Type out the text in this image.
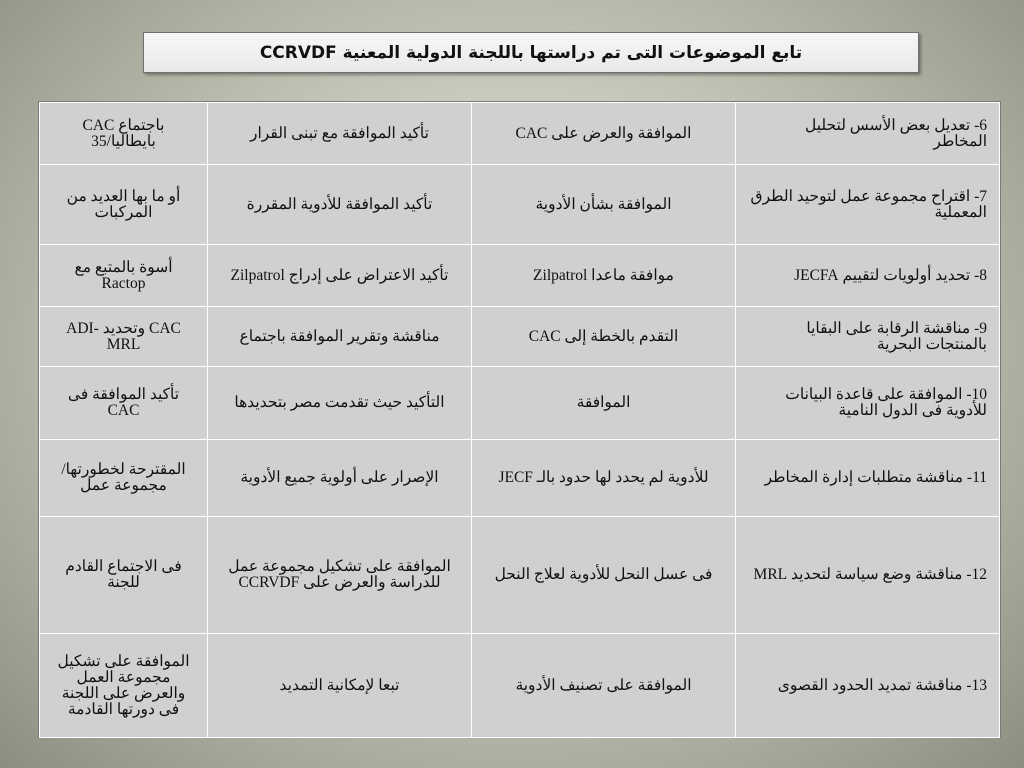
تابع الموضوعات التى تم دراستها باللجنة الدولية المعنية CCRVDF
6- تعديل بعض الأسس لتحليل المخاطر	الموافقة والعرض على CAC	تأكيد الموافقة مع تبنى القرار	باجتماع CAC بايطاليا/35
7- اقتراح مجموعة عمل لتوحيد الطرق المعملية	الموافقة بشأن الأدوية	تأكيد الموافقة للأدوية المقررة	أو ما بها العديد من المركبات
8- تحديد أولويات لتقييم JECFA	موافقة ماعدا Zilpatrol	تأكيد الاعتراض على إدراج Zilpatrol	أسوة بالمتبع مع Ractop
9- مناقشة الرقابة على البقايا بالمنتجات البحرية	التقدم بالخطة إلى CAC	مناقشة وتقرير الموافقة باجتماع	CAC وتحديد ADI-MRL
10- الموافقة على قاعدة البيانات للأدوية فى الدول النامية	الموافقة	التأكيد حيث تقدمت مصر بتحديدها	تأكيد الموافقة فى CAC
11- مناقشة متطلبات إدارة المخاطر	للأدوية لم يحدد لها حدود بالـ JECF	الإصرار على أولوية جميع الأدوية	المقترحة لخطورتها/ مجموعة عمل
12- مناقشة وضع سياسة لتحديد MRL	فى عسل النحل للأدوية لعلاج النحل	الموافقة على تشكيل مجموعة عمل للدراسة والعرض على CCRVDF	فى الاجتماع القادم للجنة
13- مناقشة تمديد الحدود القصوى	الموافقة على تصنيف الأدوية	تبعا لإمكانية التمديد	الموافقة على تشكيل مجموعة العمل والعرض على اللجنة فى دورتها القادمة
